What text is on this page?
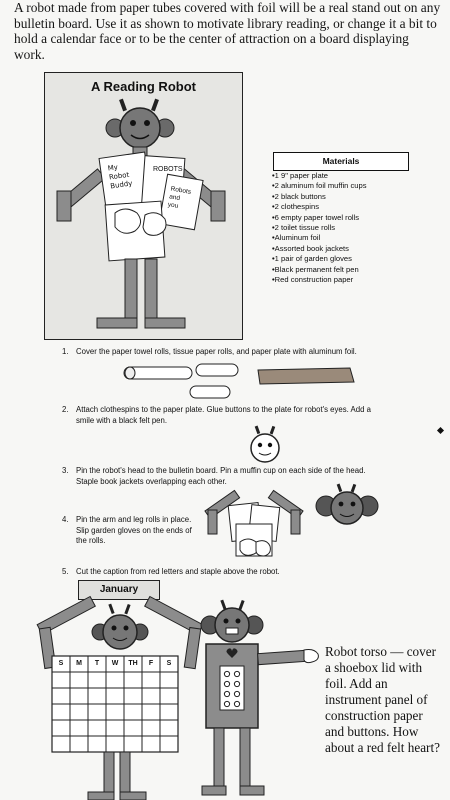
A robot made from paper tubes covered with foil will be a real stand out on any bulletin board. Use it as shown to motivate library reading, or change it a bit to hold a calendar face or to be the center of attraction on a board displaying work.
A Reading Robot
My
Robot
Buddy
ROBOTS
Robots
and
you
Materials
• 1 9" paper plate
• 2 aluminum foil muffin cups
• 2 black buttons
• 2 clothespins
• 6 empty paper towel rolls
• 2 toilet tissue rolls
• Aluminum foil
• Assorted book jackets
• 1 pair of garden gloves
• Black permanent felt pen
• Red construction paper
1. Cover the paper towel rolls, tissue paper rolls, and paper plate with aluminum foil.
2. Attach clothespins to the paper plate. Glue buttons to the plate for robot's eyes. Add a smile with a black felt pen.
3. Pin the robot's head to the bulletin board. Pin a muffin cup on each side of the head. Staple book jackets overlapping each other.
4. Pin the arm and leg rolls in place. Slip garden gloves on the ends of the rolls.
5. Cut the caption from red letters and staple above the robot.
January
S	M	T	W	TH	F	S
Robot torso — cover a shoebox lid with foil. Add an instrument panel of construction paper and buttons. How about a red felt heart?
